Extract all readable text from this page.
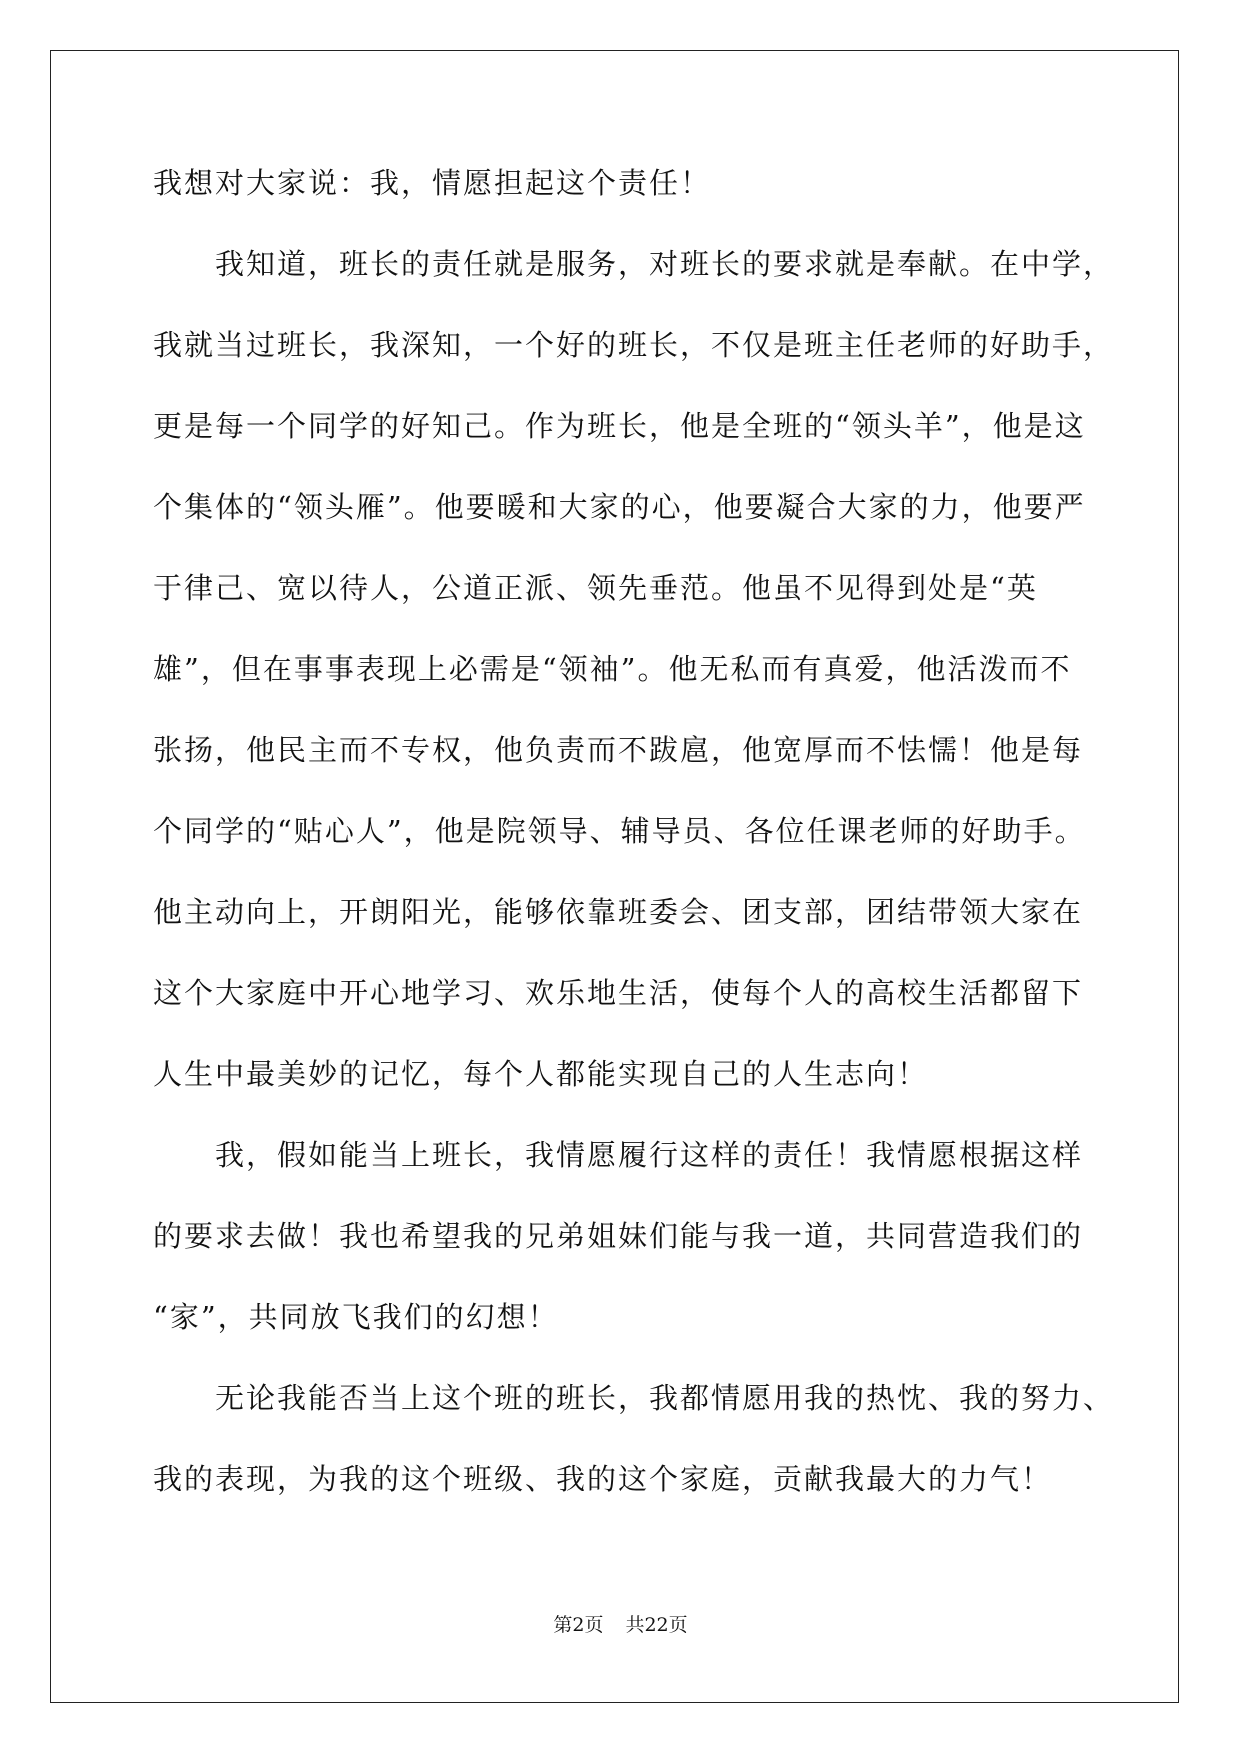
我想对大家说：我，情愿担起这个责任！
　　我知道，班长的责任就是服务，对班长的要求就是奉献。在中学，
我就当过班长，我深知，一个好的班长，不仅是班主任老师的好助手，
更是每一个同学的好知己。作为班长，他是全班的“领头羊”，他是这
个集体的“领头雁”。他要暖和大家的心，他要凝合大家的力，他要严
于律己、宽以待人，公道正派、领先垂范。他虽不见得到处是“英
雄”，但在事事表现上必需是“领袖”。他无私而有真爱，他活泼而不
张扬，他民主而不专权，他负责而不跋扈，他宽厚而不怯懦！他是每
个同学的“贴心人”，他是院领导、辅导员、各位任课老师的好助手。
他主动向上，开朗阳光，能够依靠班委会、团支部，团结带领大家在
这个大家庭中开心地学习、欢乐地生活，使每个人的高校生活都留下
人生中最美妙的记忆，每个人都能实现自己的人生志向！
　　我，假如能当上班长，我情愿履行这样的责任！我情愿根据这样
的要求去做！我也希望我的兄弟姐妹们能与我一道，共同营造我们的
“家”，共同放飞我们的幻想！
　　无论我能否当上这个班的班长，我都情愿用我的热忱、我的努力、
我的表现，为我的这个班级、我的这个家庭，贡献我最大的力气！
第2页 共22页
